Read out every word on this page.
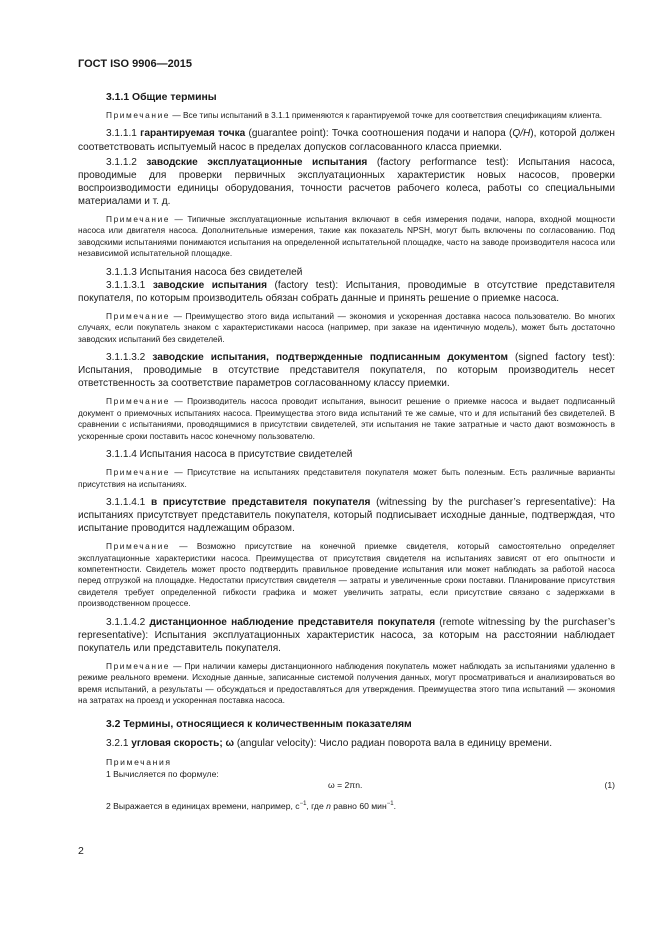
ГОСТ ISO 9906—2015
3.1.1 Общие термины

Примечание — Все типы испытаний в 3.1.1 применяются к гарантируемой точке для соответствия спецификациям клиента.

3.1.1.1 гарантируемая точка (guarantee point): Точка соотношения подачи и напора (Q/H), которой должен соответствовать испытуемый насос в пределах допусков согласованного класса приемки.

3.1.1.2 заводские эксплуатационные испытания (factory performance test): Испытания насоса, проводимые для проверки первичных эксплуатационных характеристик новых насосов, проверки воспроизводимости единицы оборудования, точности расчетов рабочего колеса, работы со специальными материалами и т. д.

Примечание — Типичные эксплуатационные испытания включают в себя измерения подачи, напора, входной мощности насоса или двигателя насоса. Дополнительные измерения, такие как показатель NPSH, могут быть включены по согласованию. Под заводскими испытаниями понимаются испытания на определенной испытательной площадке, часто на заводе производителя насоса или независимой испытательной площадке.

3.1.1.3 Испытания насоса без свидетелей

3.1.1.3.1 заводские испытания (factory test): Испытания, проводимые в отсутствие представителя покупателя, по которым производитель обязан собрать данные и принять решение о приемке насоса.

Примечание — Преимущество этого вида испытаний — экономия и ускоренная доставка насоса пользователю. Во многих случаях, если покупатель знаком с характеристиками насоса (например, при заказе на идентичную модель), может быть достаточно заводских испытаний без свидетелей.

3.1.1.3.2 заводские испытания, подтвержденные подписанным документом (signed factory test): Испытания, проводимые в отсутствие представителя покупателя, по которым производитель несет ответственность за соответствие параметров согласованному классу приемки.

Примечание — Производитель насоса проводит испытания, выносит решение о приемке насоса и выдает подписанный документ о приемочных испытаниях насоса. Преимущества этого вида испытаний те же самые, что и для испытаний без свидетелей. В сравнении с испытаниями, проводящимися в присутствии свидетелей, эти испытания не такие затратные и часто дают возможность в ускоренные сроки поставить насос конечному пользователю.

3.1.1.4 Испытания насоса в присутствие свидетелей

Примечание — Присутствие на испытаниях представителя покупателя может быть полезным. Есть различные варианты присутствия на испытаниях.

3.1.1.4.1 в присутствие представителя покупателя (witnessing by the purchaser’s representative): На испытаниях присутствует представитель покупателя, который подписывает исходные данные, подтверждая, что испытание проводится надлежащим образом.

Примечание — Возможно присутствие на конечной приемке свидетеля, который самостоятельно определяет эксплуатационные характеристики насоса. Преимущества от присутствия свидетеля на испытаниях зависят от его опытности и компетентности. Свидетель может просто подтвердить правильное проведение испытания или может наблюдать за работой насоса перед отгрузкой на площадке. Недостатки присутствия свидетеля — затраты и увеличенные сроки поставки. Планирование присутствия свидетеля требует определенной гибкости графика и может увеличить затраты, если присутствие связано с задержками в производственном процессе.

3.1.1.4.2 дистанционное наблюдение представителя покупателя (remote witnessing by the purchaser’s representative): Испытания эксплуатационных характеристик насоса, за которым на расстоянии наблюдает покупатель или представитель покупателя.

Примечание — При наличии камеры дистанционного наблюдения покупатель может наблюдать за испытаниями удаленно в режиме реального времени. Исходные данные, записанные системой получения данных, могут просматриваться и анализироваться во время испытаний, а результаты — обсуждаться и предоставляться для утверждения. Преимущества этого типа испытаний — экономия на затратах на проезд и ускоренная поставка насоса.

3.2 Термины, относящиеся к количественным показателям

3.2.1 угловая скорость; ω (angular velocity): Число радиан поворота вала в единицу времени.

Примечания

1 Вычисляется по формуле:

ω = 2πn.	(1)

2 Выражается в единицах времени, например, $с^{-1}$, где n равно 60 мин$^{-1}$.

2
